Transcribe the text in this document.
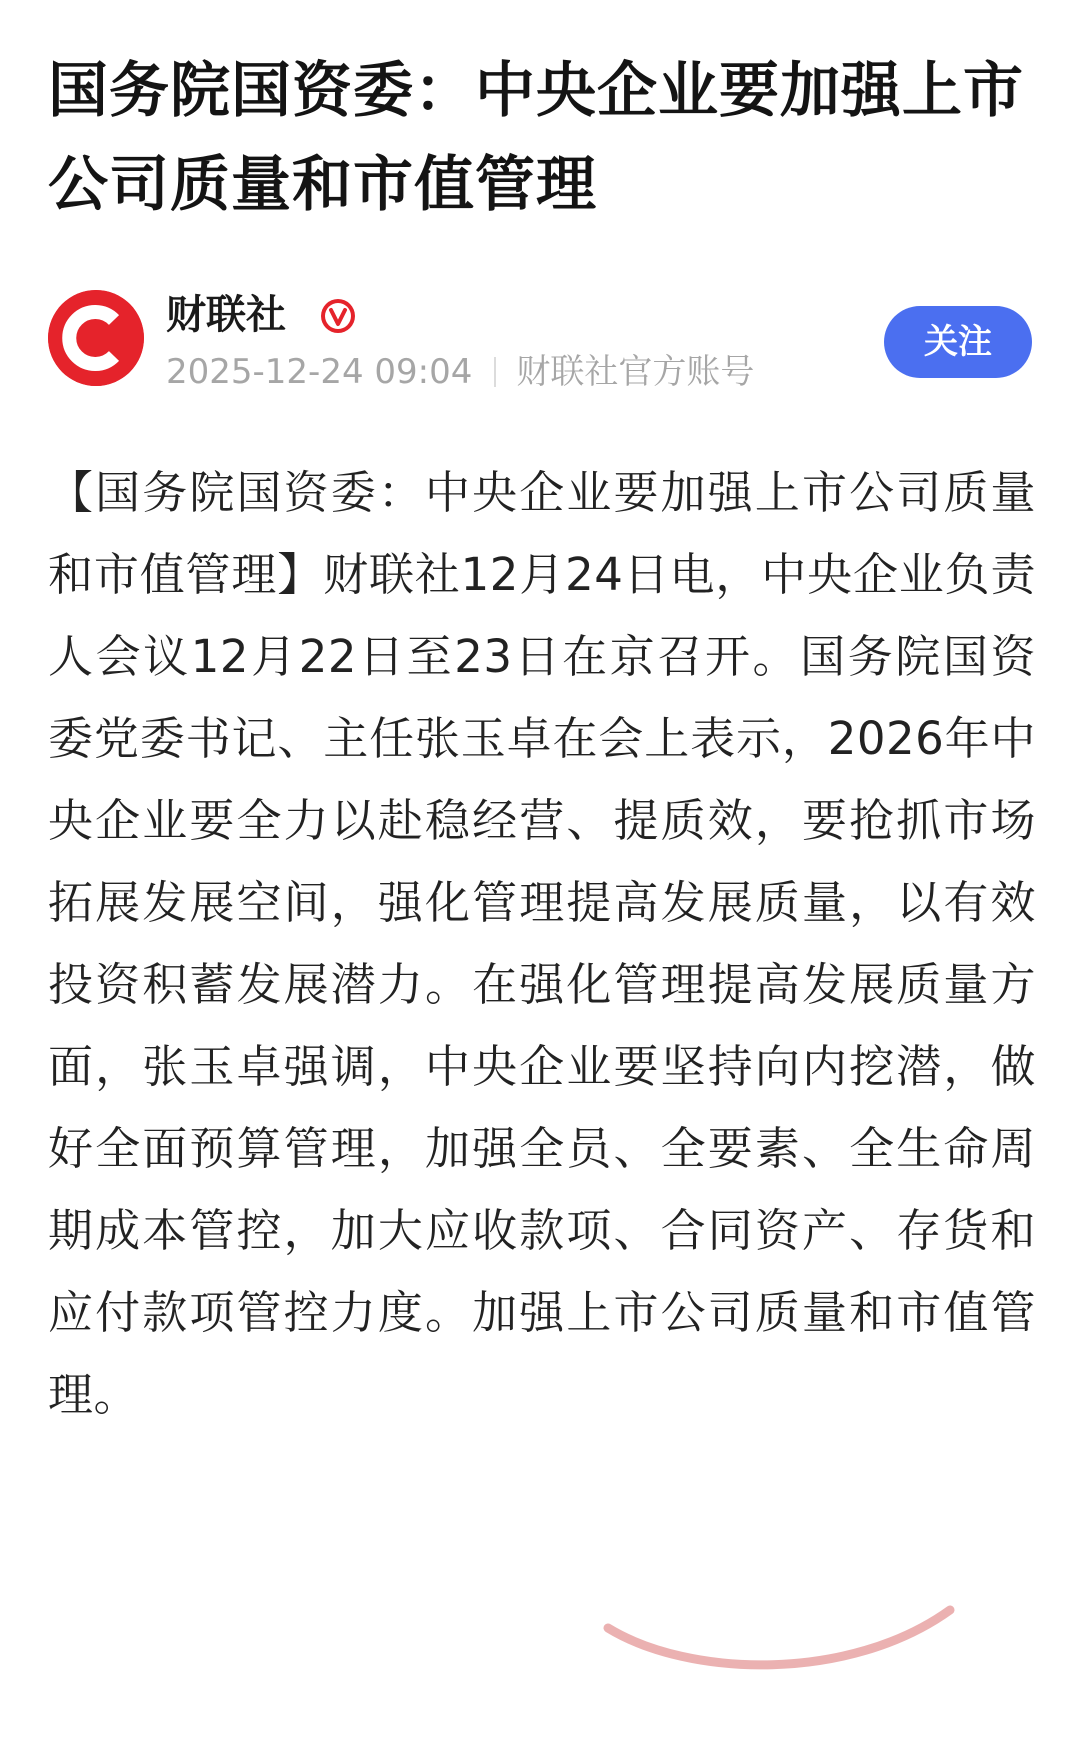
国务院国资委：中央企业要加强上市公司质量和市值管理
财联社
2025-12-24 09:04 财联社官方账号
关注

【国务院国资委：中央企业要加强上市公司质量和市值管理】财联社12月24日电，中央企业负责人会议12月22日至23日在京召开。国务院国资委党委书记、主任张玉卓在会上表示，2026年中央企业要全力以赴稳经营、提质效，要抢抓市场拓展发展空间，强化管理提高发展质量，以有效投资积蓄发展潜力。在强化管理提高发展质量方面，张玉卓强调，中央企业要坚持向内挖潜，做好全面预算管理，加强全员、全要素、全生命周期成本管控，加大应收款项、合同资产、存货和应付款项管控力度。加强上市公司质量和市值管理。
